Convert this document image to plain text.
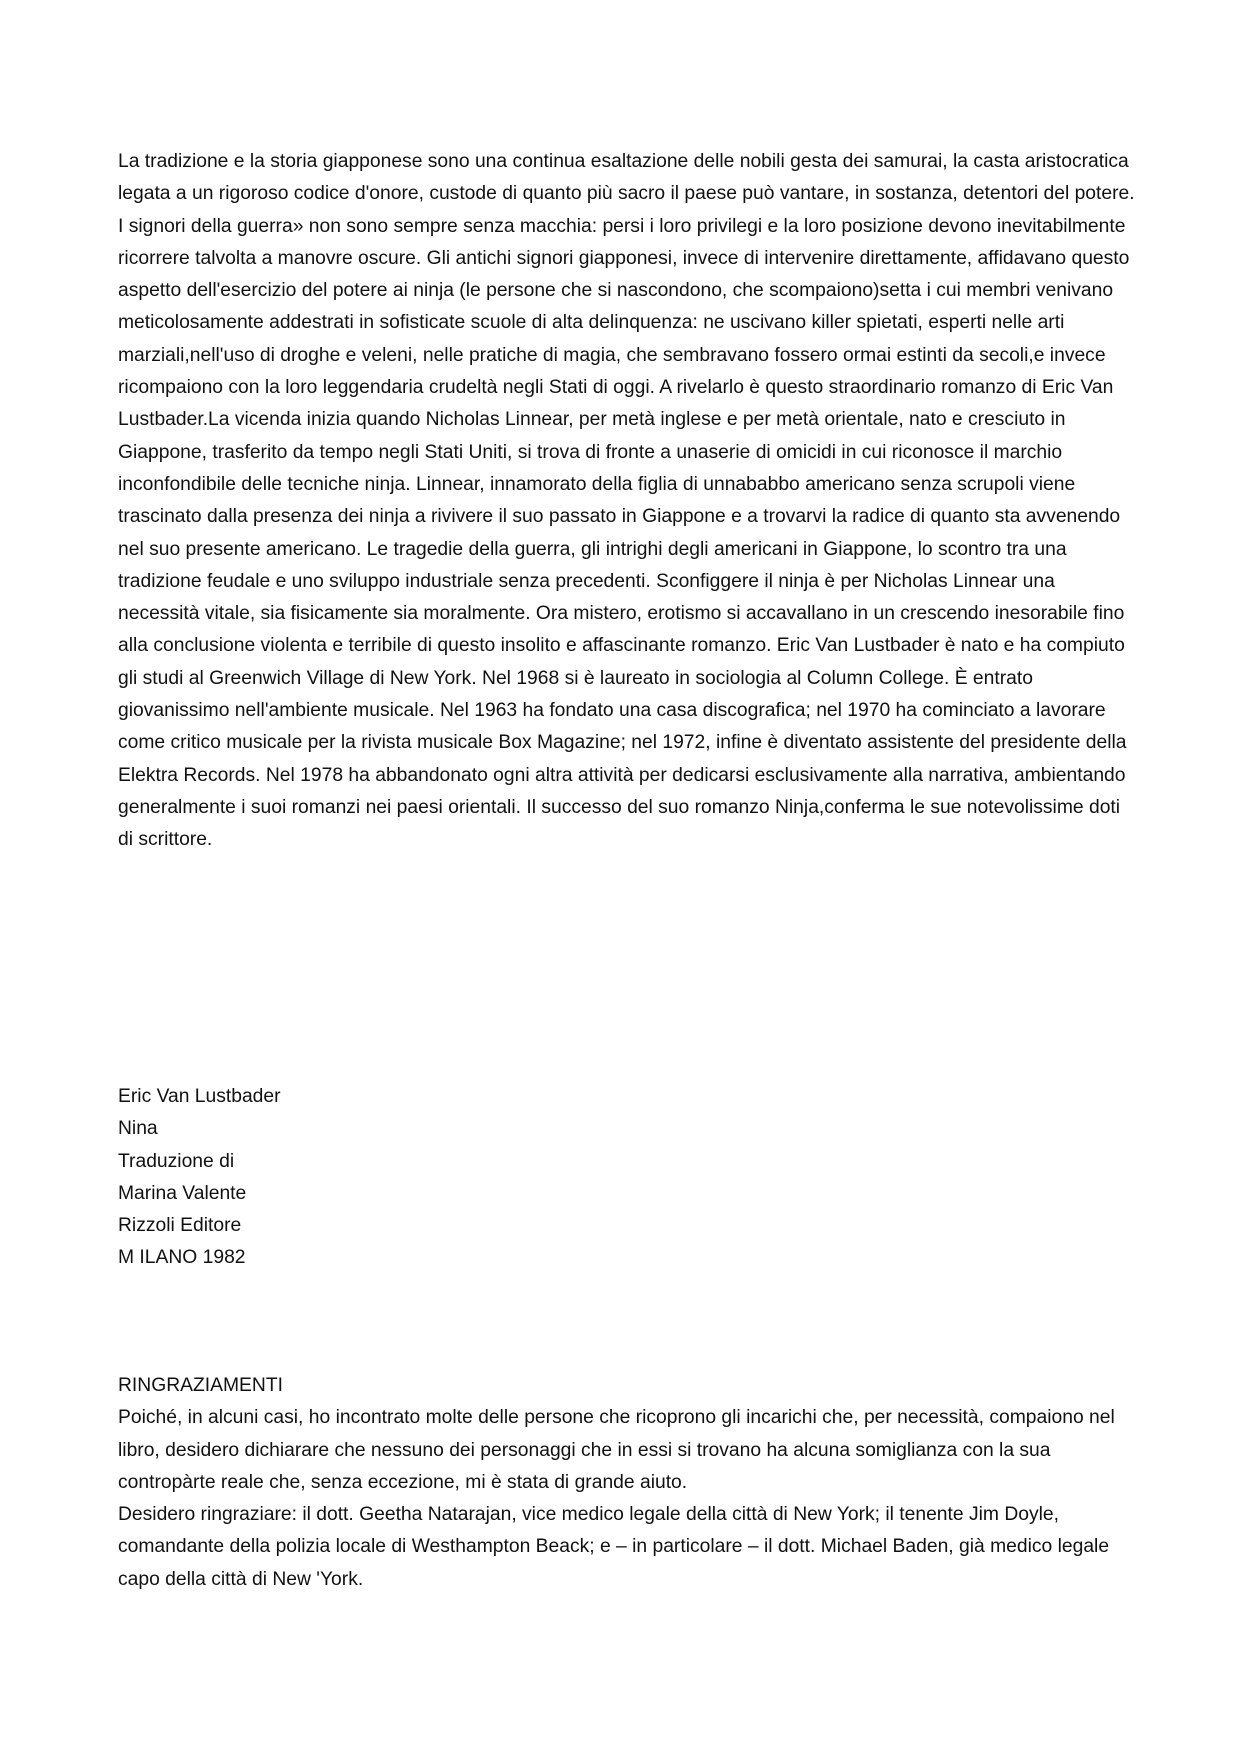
La tradizione e la storia giapponese sono una continua esaltazione delle nobili gesta dei samurai, la casta aristocratica legata a un rigoroso codice d'onore, custode di quanto più sacro il paese può vantare, in sostanza, detentori del potere. I signori della guerra» non sono sempre senza macchia: persi i loro privilegi e la loro posizione devono inevitabilmente ricorrere talvolta a manovre oscure. Gli antichi signori giapponesi, invece di intervenire direttamente, affidavano questo aspetto dell'esercizio del potere ai ninja (le persone che si nascondono, che scompaiono)setta i cui membri venivano meticolosamente addestrati in sofisticate scuole di alta delinquenza: ne uscivano killer spietati, esperti nelle arti marziali,nell'uso di droghe e veleni, nelle pratiche di magia, che sembravano fossero ormai estinti da secoli,e invece ricompaiono con la loro leggendaria crudeltà negli Stati di oggi. A rivelarlo è questo straordinario romanzo di Eric Van Lustbader.La vicenda inizia quando Nicholas Linnear, per metà inglese e per metà orientale, nato e cresciuto in Giappone, trasferito da tempo negli Stati Uniti, si trova di fronte a unaserie di omicidi in cui riconosce il marchio inconfondibile delle tecniche ninja. Linnear, innamorato della figlia di unnababbo americano senza scrupoli viene trascinato dalla presenza dei ninja a rivivere il suo passato in Giappone e a trovarvi la radice di quanto sta avvenendo nel suo presente americano. Le tragedie della guerra, gli intrighi degli americani in Giappone, lo scontro tra una tradizione feudale e uno sviluppo industriale senza precedenti. Sconfiggere il ninja è per Nicholas Linnear una necessità vitale, sia fisicamente sia moralmente. Ora mistero, erotismo si accavallano in un crescendo inesorabile fino alla conclusione violenta e terribile di questo insolito e affascinante romanzo. Eric Van Lustbader è nato e ha compiuto gli studi al Greenwich Village di New York. Nel 1968 si è laureato in sociologia al Column College. È entrato giovanissimo nell'ambiente musicale. Nel 1963 ha fondato una casa discografica; nel 1970 ha cominciato a lavorare come critico musicale per la rivista musicale Box Magazine; nel 1972, infine è diventato assistente del presidente della Elektra Records. Nel 1978 ha abbandonato ogni altra attività per dedicarsi esclusivamente alla narrativa, ambientando generalmente i suoi romanzi nei paesi orientali. Il successo del suo romanzo Ninja,conferma le sue notevolissime doti di scrittore.

Eric Van Lustbader
Nina
Traduzione di
Marina Valente
Rizzoli Editore
M ILANO 1982
RINGRAZIAMENTI

Poiché, in alcuni casi, ho incontrato molte delle persone che ricoprono gli incarichi che, per necessità, compaiono nel libro, desidero dichiarare che nessuno dei personaggi che in essi si trovano ha alcuna somiglianza con la sua contropàrte reale che, senza eccezione, mi è stata di grande aiuto.

Desidero ringraziare: il dott. Geetha Natarajan, vice medico legale della città di New York; il tenente Jim Doyle, comandante della polizia locale di Westhampton Beack; e – in particolare – il dott. Michael Baden, già medico legale capo della città di New 'York.
